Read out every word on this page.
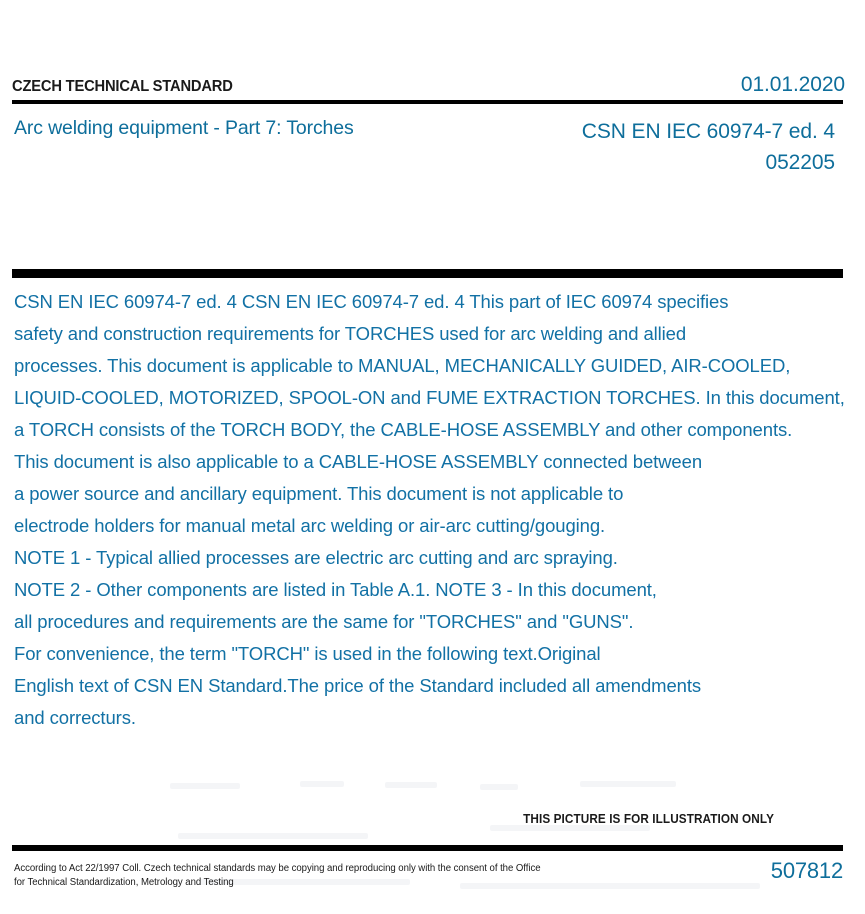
CZECH TECHNICAL STANDARD	01.01.2020
Arc welding equipment - Part 7: Torches	CSN EN IEC 60974-7 ed. 4
052205
CSN EN IEC 60974-7 ed. 4 CSN EN IEC 60974-7 ed. 4 This part of IEC 60974 specifies
safety and construction requirements for TORCHES used for arc welding and allied
processes. This document is applicable to MANUAL, MECHANICALLY GUIDED, AIR-COOLED,
LIQUID-COOLED, MOTORIZED, SPOOL-ON and FUME EXTRACTION TORCHES. In this document,
a TORCH consists of the TORCH BODY, the CABLE-HOSE ASSEMBLY and other components.
This document is also applicable to a CABLE-HOSE ASSEMBLY connected between
a power source and ancillary equipment. This document is not applicable to
electrode holders for manual metal arc welding or air-arc cutting/gouging.
NOTE 1 - Typical allied processes are electric arc cutting and arc spraying.
NOTE 2 - Other components are listed in Table A.1. NOTE 3 - In this document,
all procedures and requirements are the same for "TORCHES" and "GUNS".
For convenience, the term "TORCH" is used in the following text.Original
English text of CSN EN Standard.The price of the Standard included all amendments
and correcturs.
THIS PICTURE IS FOR ILLUSTRATION ONLY
According to Act 22/1997 Coll. Czech technical standards may be copying and reproducing only with the consent of the Office
for Technical Standardization, Metrology and Testing	507812
